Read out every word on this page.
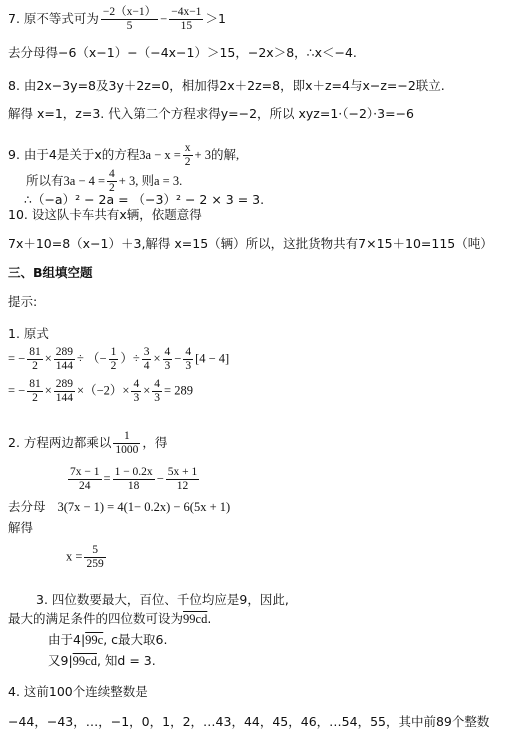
7. 原不等式可为 $\frac{-2(x-1)}{5} - \frac{-4x-1}{15} >1$
去分母得−6（x−1）−（−4x−1）＞15，−2x＞8，∴x＜−4.
8. 由2x−3y=8及3y＋2z=0，相加得2x＋2z=8，即x＋z=4与x−z=−2联立.
解得 x=1，z=3. 代入第二个方程求得y=−2，所以 xyz=1·（−2）·3=−6
9. 由于4是关于x的方程$3a - x = \frac{x}{2} + 3$的解,
所以有$3a - 4 = \frac{4}{2} + 3$, 则a = 3.
∴（−a）² − 2a = （−3）² − 2 × 3 = 3.
10. 设这队卡车共有x辆，依题意得
7x＋10=8（x−1）＋3,解得 x=15（辆）所以，这批货物共有7×15＋10=115（吨）
三、B组填空题
提示:
1. 原式
= − $\frac{81}{2} \times \frac{289}{144}$ ÷ （− $\frac{1}{2}$ ）÷ $\frac{3}{4} \times \frac{4}{3} - \frac{4}{3} [4 - 4]$
= − $\frac{81}{2} \times \frac{289}{144} \times(-2)\times \frac{4}{3} \times \frac{4}{3} = 289$
2. 方程两边都乘以 $\frac{1}{1000}$ ，得
$\frac{7x - 1}{24} = \frac{1 - 0.2x}{18} - \frac{5x + 1}{12}$
去分母 3(7x − 1) = 4(1− 0.2x) − 6(5x + 1)
解得
$x = \frac{5}{259}$
3. 四位数要最大，百位、千位均应是9，因此,
最大的满足条件的四位数可设为99cd.
由于4|99c, c最大取6.
又9|99cd, 知d = 3.
4. 这前100个连续整数是
−44，−43，…，−1，0，1，2，…43，44，45，46，…54，55，其中前89个整数
